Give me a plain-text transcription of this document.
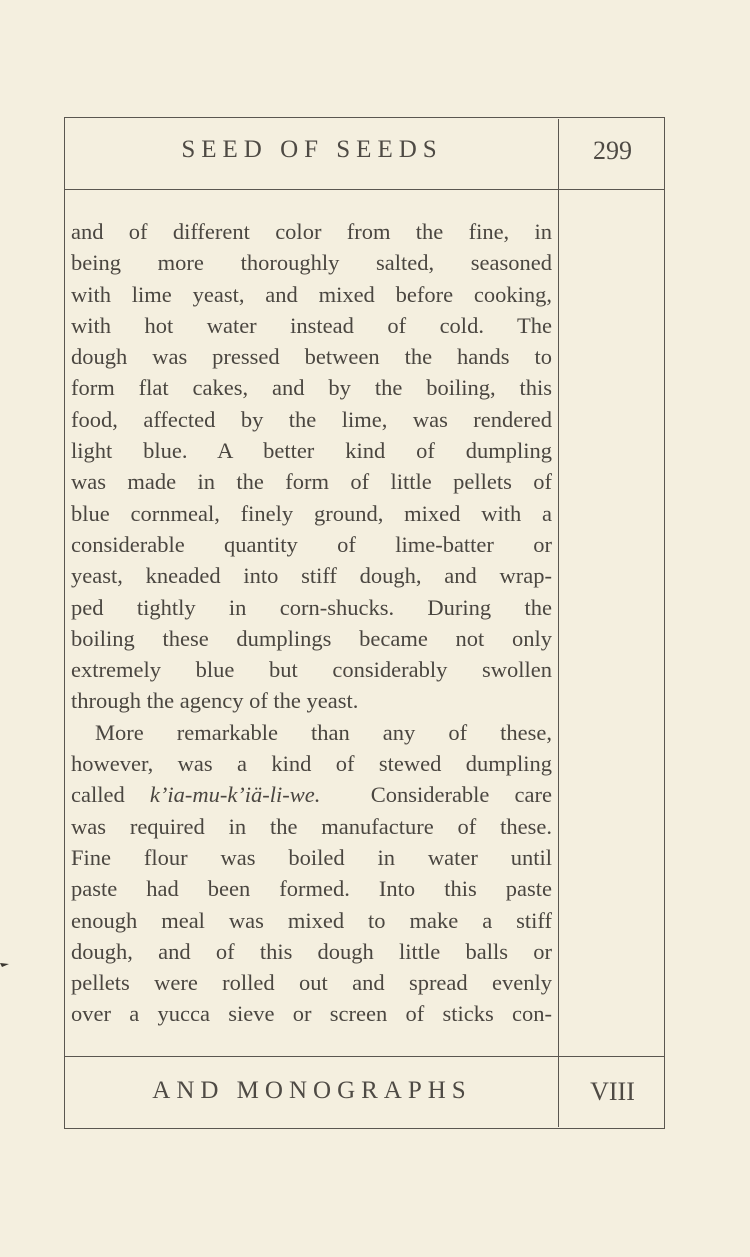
SEED OF SEEDS	299
and of different color from the fine, in
being more thoroughly salted, seasoned
with lime yeast, and mixed before cooking,
with hot water instead of cold. The
dough was pressed between the hands to
form flat cakes, and by the boiling, this
food, affected by the lime, was rendered
light blue. A better kind of dumpling
was made in the form of little pellets of
blue cornmeal, finely ground, mixed with a
considerable quantity of lime-batter or
yeast, kneaded into stiff dough, and wrap-
ped tightly in corn-shucks. During the
boiling these dumplings became not only
extremely blue but considerably swollen
through the agency of the yeast.
More remarkable than any of these,
however, was a kind of stewed dumpling
called k’ia-mu-k’iä-li-we. Considerable care
was required in the manufacture of these.
Fine flour was boiled in water until
paste had been formed. Into this paste
enough meal was mixed to make a stiff
dough, and of this dough little balls or
pellets were rolled out and spread evenly
over a yucca sieve or screen of sticks con-
AND MONOGRAPHS	VIII
